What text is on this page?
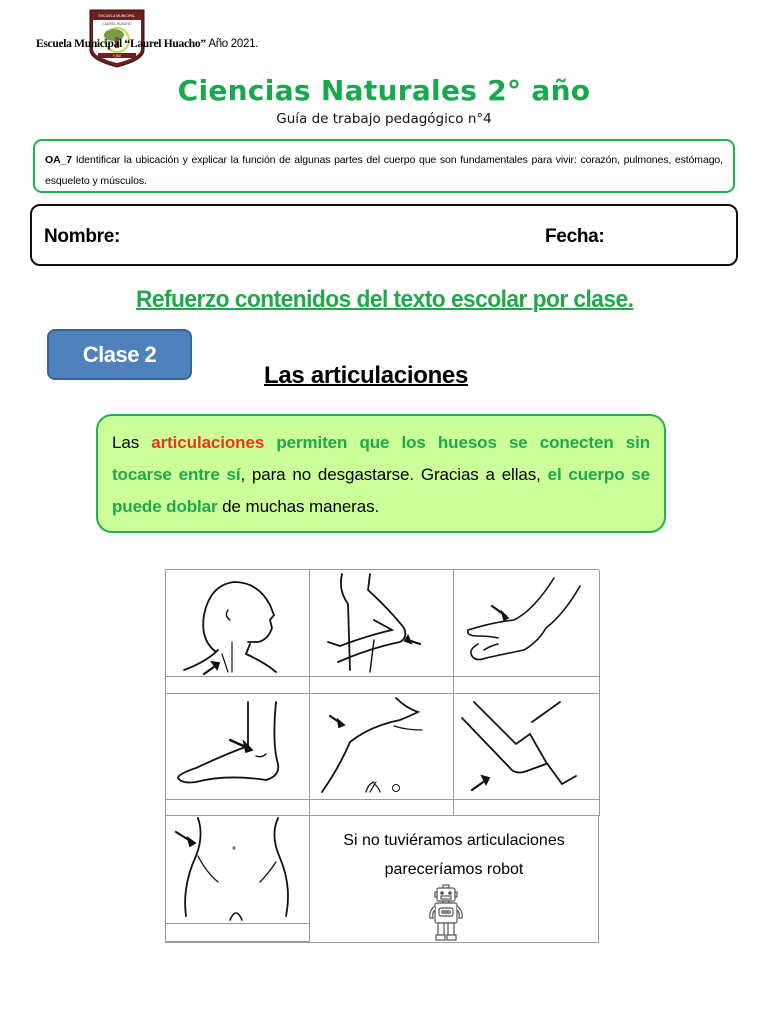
ESCUELA MUNICIPAL
LAUREL HUACHO
F-502
Escuela Municipal “Laurel Huacho” Año 2021.
Ciencias Naturales 2° año
Guía de trabajo pedagógico n°4
OA_7 Identificar la ubicación y explicar la función de algunas partes del cuerpo que son fundamentales para vivir: corazón, pulmones, estómago, esqueleto y músculos.
Nombre:	Fecha:
Refuerzo contenidos del texto escolar por clase.
Clase 2
Las articulaciones
Las articulaciones permiten que los huesos se conecten sin tocarse entre sí, para no desgastarse. Gracias a ellas, el cuerpo se puede doblar de muchas maneras.
Si no tuviéramos articulaciones
pareceríamos robot
